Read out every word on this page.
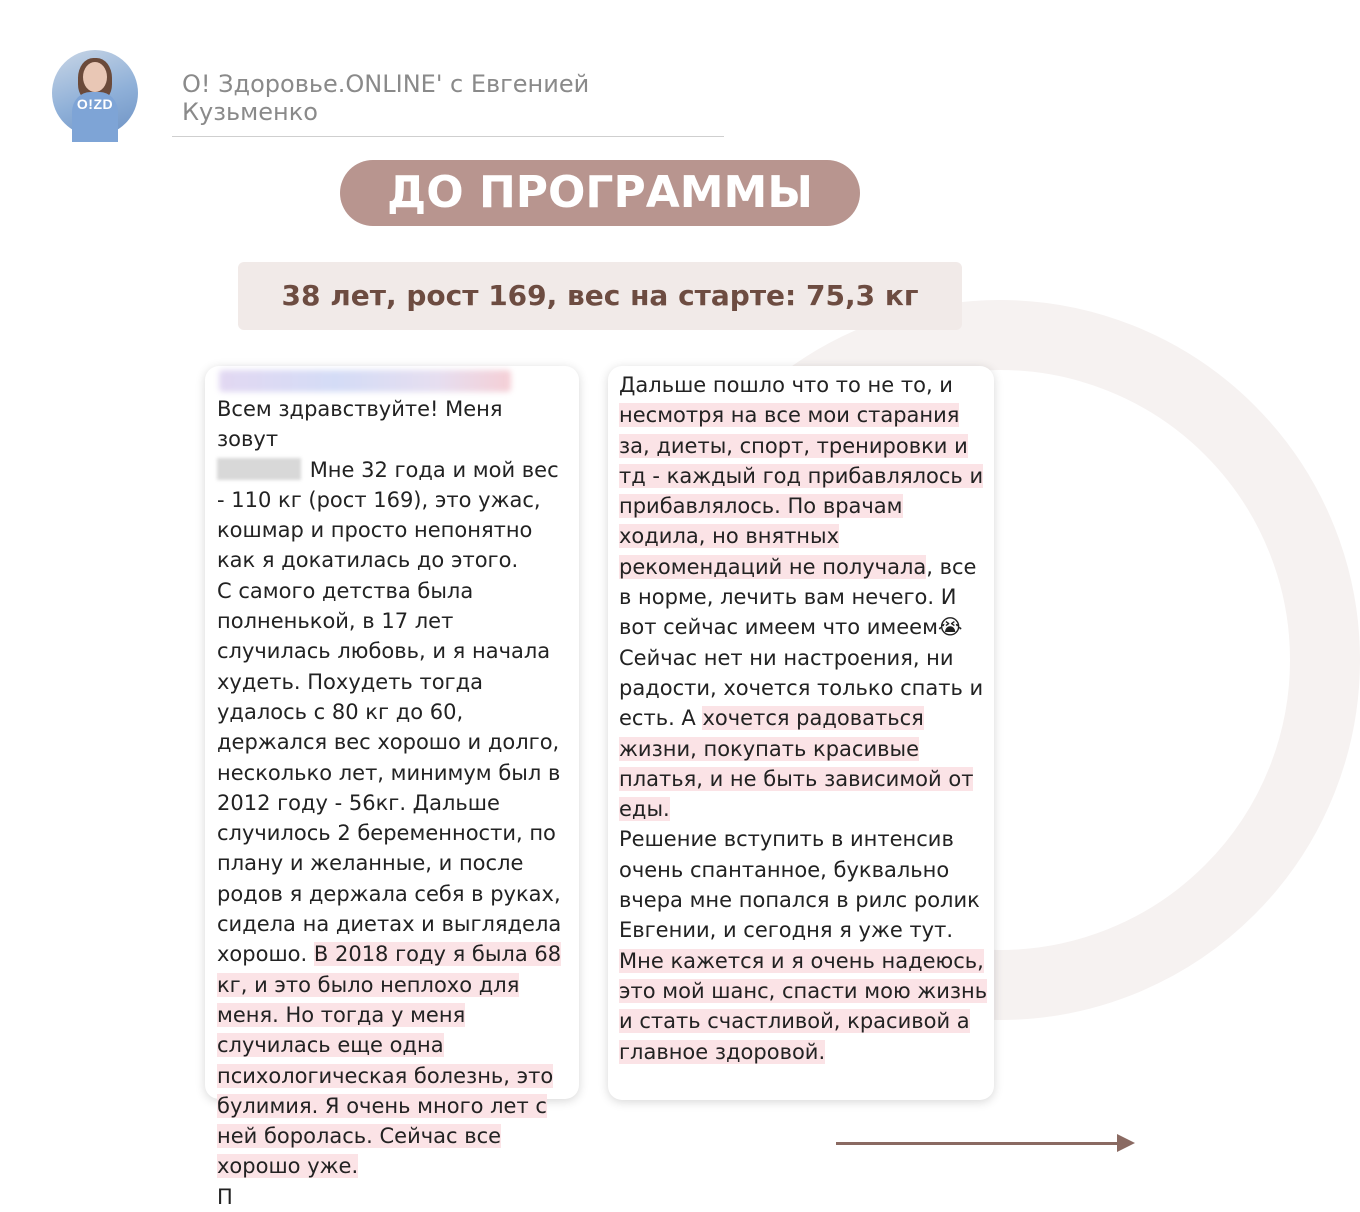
O!ZD
О! Здоровье.ONLINE' с Евгенией Кузьменко
ДО ПРОГРАММЫ
38 лет, рост 169, вес на старте: 75,3 кг
Всем здравствуйте! Меня зовут
Мне 32 года и мой вес - 110 кг (рост 169), это ужас, кошмар и просто непонятно как я докатилась до этого.
С самого детства была полненькой, в 17 лет случилась любовь, и я начала худеть. Похудеть тогда удалось с 80 кг до 60, держался вес хорошо и долго, несколько лет, минимум был в 2012 году - 56кг. Дальше случилось 2 беременности, по плану и желанные, и после родов я держала себя в руках, сидела на диетах и выглядела хорошо. В 2018 году я была 68 кг, и это было неплохо для меня. Но тогда у меня случилась еще одна психологическая болезнь, это булимия. Я очень много лет с ней боролась. Сейчас все хорошо уже.
П
Дальше пошло что то не то, и несмотря на все мои старания за, диеты, спорт, тренировки и тд - каждый год прибавлялось и прибавлялось. По врачам ходила, но внятных рекомендаций не получала, все в норме, лечить вам нечего. И вот сейчас имеем что имеем😭 Сейчас нет ни настроения, ни радости, хочется только спать и есть. А хочется радоваться жизни, покупать красивые платья, и не быть зависимой от еды.
Решение вступить в интенсив очень спантанное, буквально вчера мне попался в рилс ролик Евгении, и сегодня я уже тут.
Мне кажется и я очень надеюсь, это мой шанс, спасти мою жизнь и стать счастливой, красивой а главное здоровой.
